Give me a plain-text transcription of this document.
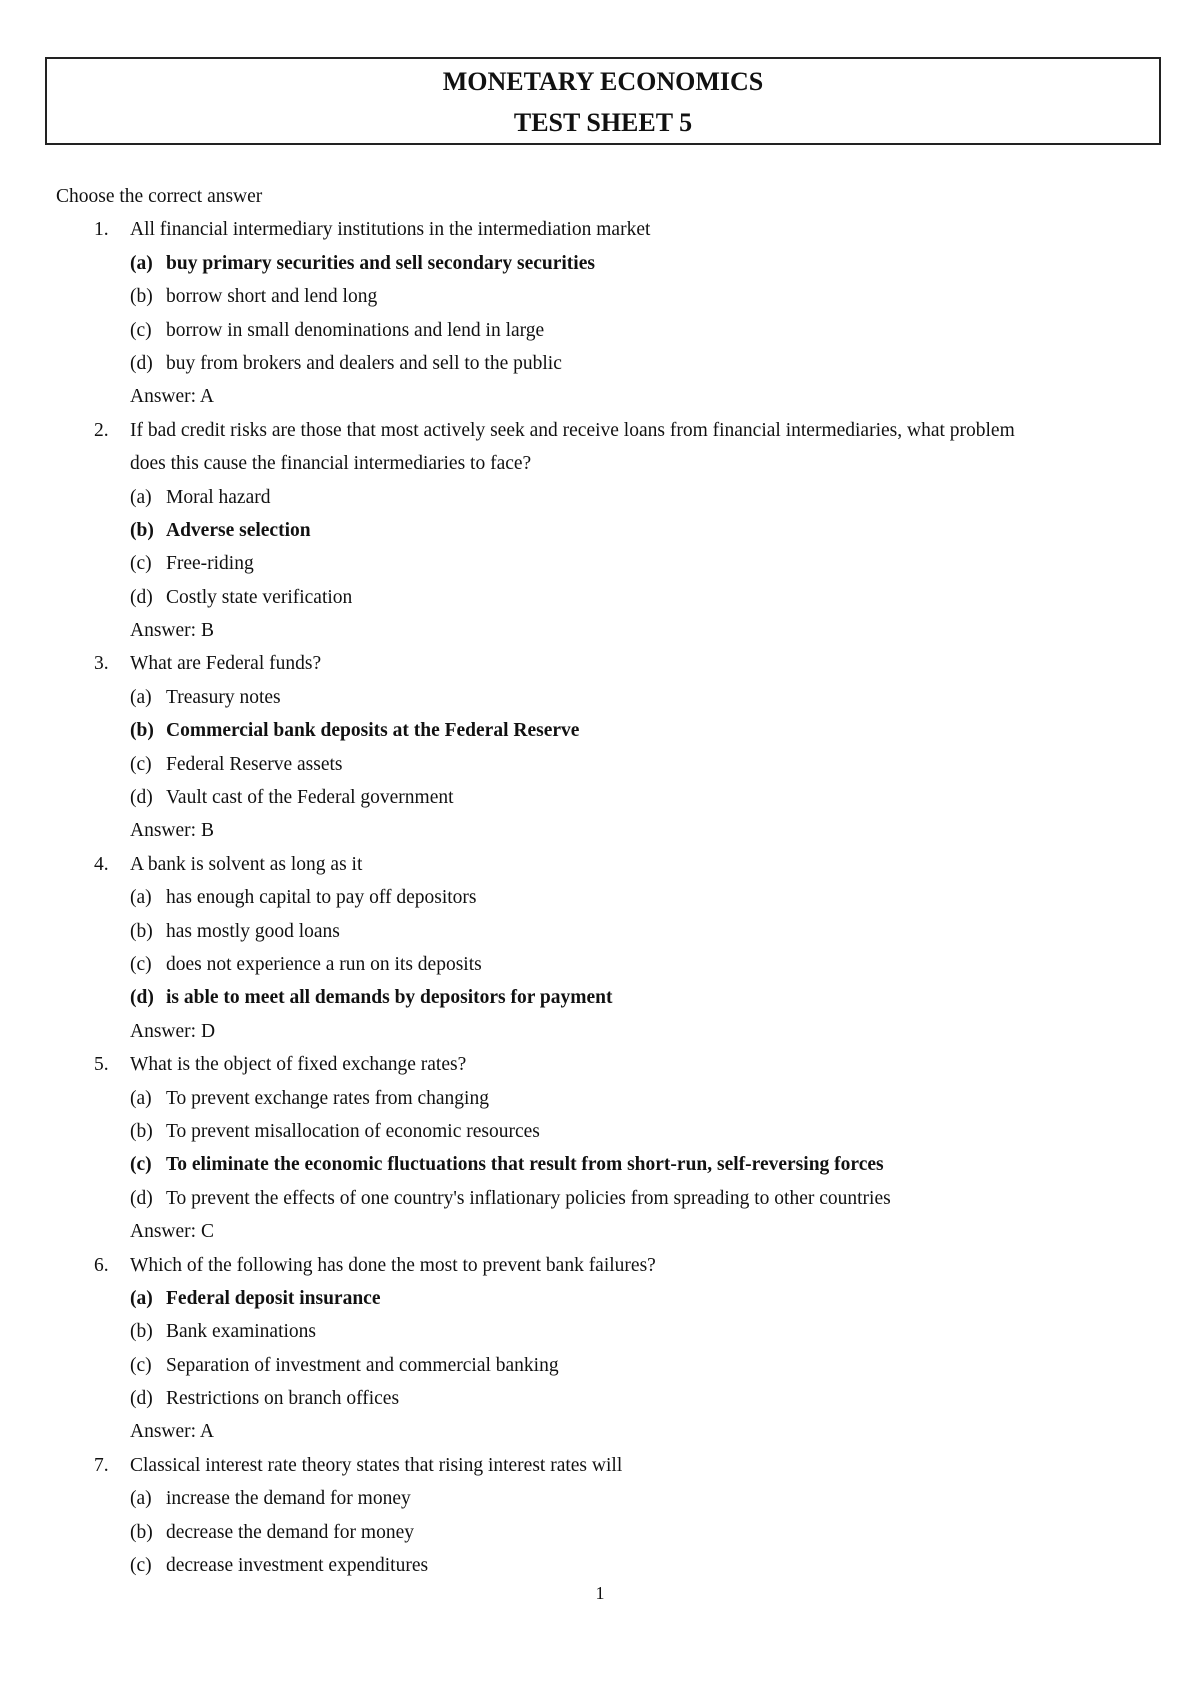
MONETARY ECONOMICS
TEST SHEET 5
Choose the correct answer
1. All financial intermediary institutions in the intermediation market
(a) buy primary securities and sell secondary securities
(b) borrow short and lend long
(c) borrow in small denominations and lend in large
(d) buy from brokers and dealers and sell to the public
Answer: A
2. If bad credit risks are those that most actively seek and receive loans from financial intermediaries, what problem
does this cause the financial intermediaries to face?
(a) Moral hazard
(b) Adverse selection
(c) Free-riding
(d) Costly state verification
Answer: B
3. What are Federal funds?
(a) Treasury notes
(b) Commercial bank deposits at the Federal Reserve
(c) Federal Reserve assets
(d) Vault cast of the Federal government
Answer: B
4. A bank is solvent as long as it
(a) has enough capital to pay off depositors
(b) has mostly good loans
(c) does not experience a run on its deposits
(d) is able to meet all demands by depositors for payment
Answer: D
5. What is the object of fixed exchange rates?
(a) To prevent exchange rates from changing
(b) To prevent misallocation of economic resources
(c) To eliminate the economic fluctuations that result from short-run, self-reversing forces
(d) To prevent the effects of one country's inflationary policies from spreading to other countries
Answer: C
6. Which of the following has done the most to prevent bank failures?
(a) Federal deposit insurance
(b) Bank examinations
(c) Separation of investment and commercial banking
(d) Restrictions on branch offices
Answer: A
7. Classical interest rate theory states that rising interest rates will
(a) increase the demand for money
(b) decrease the demand for money
(c) decrease investment expenditures
1
